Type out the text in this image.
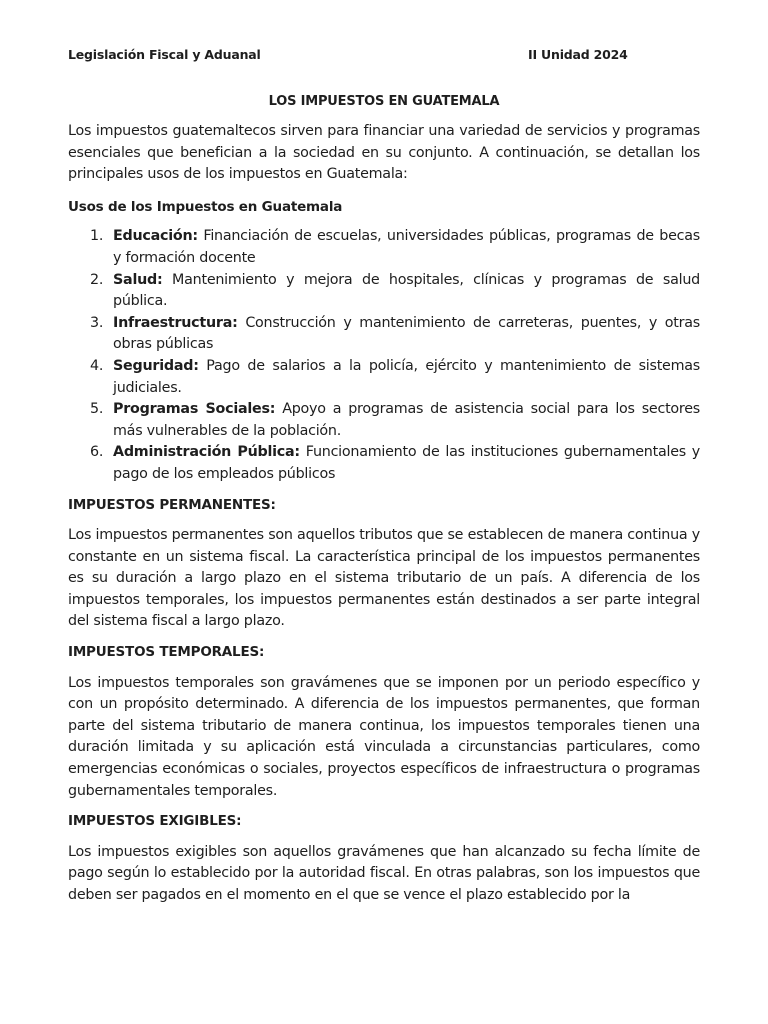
Legislación Fiscal y Aduanal	II Unidad 2024
LOS IMPUESTOS EN GUATEMALA

Los impuestos guatemaltecos sirven para financiar una variedad de servicios y programas esenciales que benefician a la sociedad en su conjunto. A continuación, se detallan los principales usos de los impuestos en Guatemala:

Usos de los Impuestos en Guatemala
1. Educación: Financiación de escuelas, universidades públicas, programas de becas y formación docente
2. Salud: Mantenimiento y mejora de hospitales, clínicas y programas de salud pública.
3. Infraestructura: Construcción y mantenimiento de carreteras, puentes, y otras obras públicas
4. Seguridad: Pago de salarios a la policía, ejército y mantenimiento de sistemas judiciales.
5. Programas Sociales: Apoyo a programas de asistencia social para los sectores más vulnerables de la población.
6. Administración Pública: Funcionamiento de las instituciones gubernamentales y pago de los empleados públicos
IMPUESTOS PERMANENTES:

Los impuestos permanentes son aquellos tributos que se establecen de manera continua y constante en un sistema fiscal. La característica principal de los impuestos permanentes es su duración a largo plazo en el sistema tributario de un país. A diferencia de los impuestos temporales, los impuestos permanentes están destinados a ser parte integral del sistema fiscal a largo plazo.

IMPUESTOS TEMPORALES:

Los impuestos temporales son gravámenes que se imponen por un periodo específico y con un propósito determinado. A diferencia de los impuestos permanentes, que forman parte del sistema tributario de manera continua, los impuestos temporales tienen una duración limitada y su aplicación está vinculada a circunstancias particulares, como emergencias económicas o sociales, proyectos específicos de infraestructura o programas gubernamentales temporales.

IMPUESTOS EXIGIBLES:

Los impuestos exigibles son aquellos gravámenes que han alcanzado su fecha límite de pago según lo establecido por la autoridad fiscal. En otras palabras, son los impuestos que deben ser pagados en el momento en el que se vence el plazo establecido por la
